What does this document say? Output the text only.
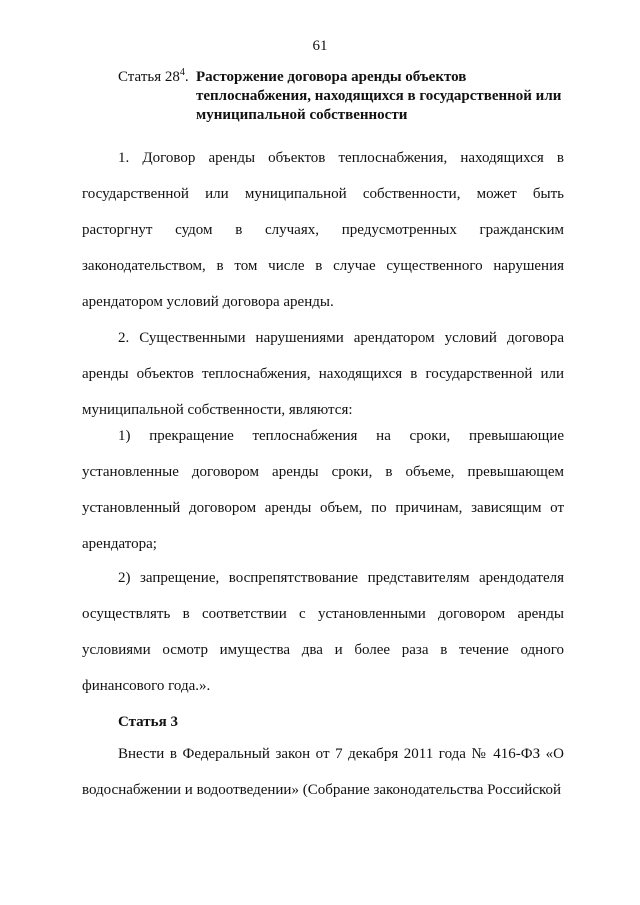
61
Статья $28^4$. Расторжение договора аренды объектов теплоснабжения, находящихся в государственной или муниципальной собственности

1. Договор аренды объектов теплоснабжения, находящихся в государственной или муниципальной собственности, может быть расторгнут судом в случаях, предусмотренных гражданским законодательством, в том числе в случае существенного нарушения арендатором условий договора аренды.

2. Существенными нарушениями арендатором условий договора аренды объектов теплоснабжения, находящихся в государственной или муниципальной собственности, являются:

1) прекращение теплоснабжения на сроки, превышающие установленные договором аренды сроки, в объеме, превышающем установленный договором аренды объем, по причинам, зависящим от арендатора;

2) запрещение, воспрепятствование представителям арендодателя осуществлять в соответствии с установленными договором аренды условиями осмотр имущества два и более раза в течение одного финансового года.».

Статья 3

Внести в Федеральный закон от 7 декабря 2011 года № 416-ФЗ «О водоснабжении и водоотведении» (Собрание законодательства Российской
